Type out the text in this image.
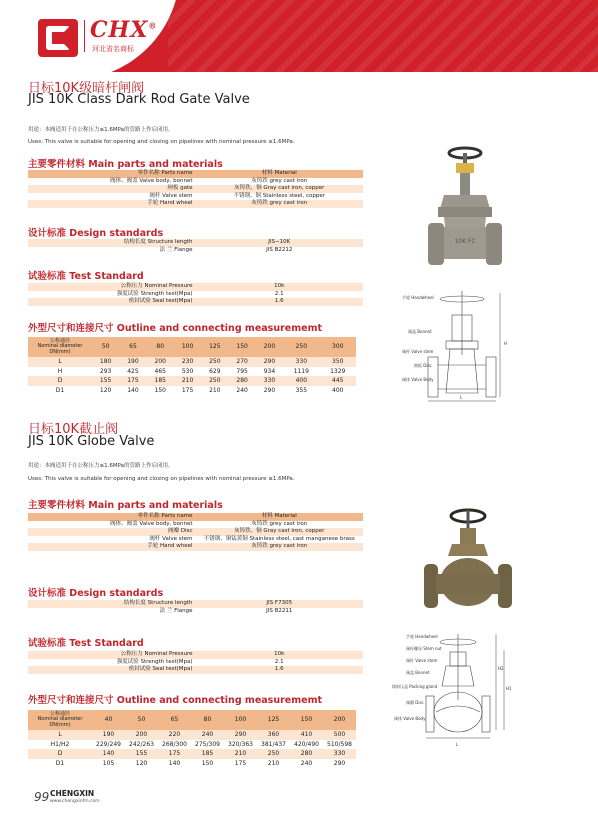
CHX®
河北省名商标
日标10K级暗杆闸阀
JIS 10K Class Dark Rod Gate Valve
用途：本阀适用于在公称压力≤1.6MPa的管路上作启闭用。
Uses: This valve is suitable for opening and closing on pipelines with nominal pressure ≤1.6MPa.
主要零件材料 Main parts and materials
零件名称 Parts name	材料 Material
阀体、阀盖 Valve body, bonnet	灰铸铁 grey cast iron
闸板 gate	灰铸铁、铜 Gray cast iron, copper
阀杆 Valve stem	不锈钢、铜 Stainless steel, copper
手轮 Hand wheel	灰铸铁 grey cast iron
设计标准 Design standards
结构长度 Structure length	JIS−10K
法 兰 Flange	JIS B2212
试验标准 Test Standard
公称压力 Nominal Pressure	10k
强度试验 Strength test(Mpa)	2.1
密封试验 Seal test(Mpa)	1.6
外型尺寸和连接尺寸 Outline and connecting measurememt
公称通径
Nominal diameter
DN(mm)	50	65	80	100	125	150	200	250	300
L	180	190	200	230	250	270	290	330	350
H	293	425	465	530	629	795	934	1119	1329
D	155	175	185	210	250	280	330	400	445
D1	120	140	150	175	210	240	290	355	400
10K FC
手轮 Handwheel
阀盖 Bonnet
阀杆 Valve stem
闸板 Disc
阀体 Valve Body
H
L
日标10K截止阀
JIS 10K Globe Valve
用途：本阀适用于在公称压力≤1.6MPa的管路上作启闭用。
Uses: This valve is suitable for opening and closing on pipelines with nominal pressure ≤1.6MPa.
主要零件材料 Main parts and materials
零件名称 Parts name	材料 Material
阀体、阀盖 Valve body, bonnet	灰铸铁 grey cast iron
阀瓣 Disc	灰铸铁、铜 Gray cast iron, copper
阀杆 Valve stem	不锈钢、铜锰黄铜 Stainless steel, cast manganese brass
手轮 Hand wheel	灰铸铁 grey cast iron
设计标准 Design standards
结构长度 Structure length	JIS F7305
法 兰 Flange	JIS B2211
试验标准 Test Standard
公称压力 Nominal Pressure	10k
强度试验 Strength test(Mpa)	2.1
密封试验 Seal test(Mpa)	1.6
外型尺寸和连接尺寸 Outline and connecting measurememt
公称通径
Nominal diameter
DN(mm)	40	50	65	80	100	125	150	200
L	190	200	220	240	290	360	410	500
H1/H2	229/249	242/263	268/300	275/309	320/363	381/437	420/490	510/598
D	140	155	175	185	210	250	280	330
D1	105	120	140	150	175	210	240	290
手轮 Handwheel
阀杆螺母 Stem nut
阀杆 Valve stem
阀盖 Bonnet
填料压盖 Packing gland
阀瓣 Disc
阀体 Valve Body
H2
H1
L
99 CHENGXIN
www.chengxinfm.com
